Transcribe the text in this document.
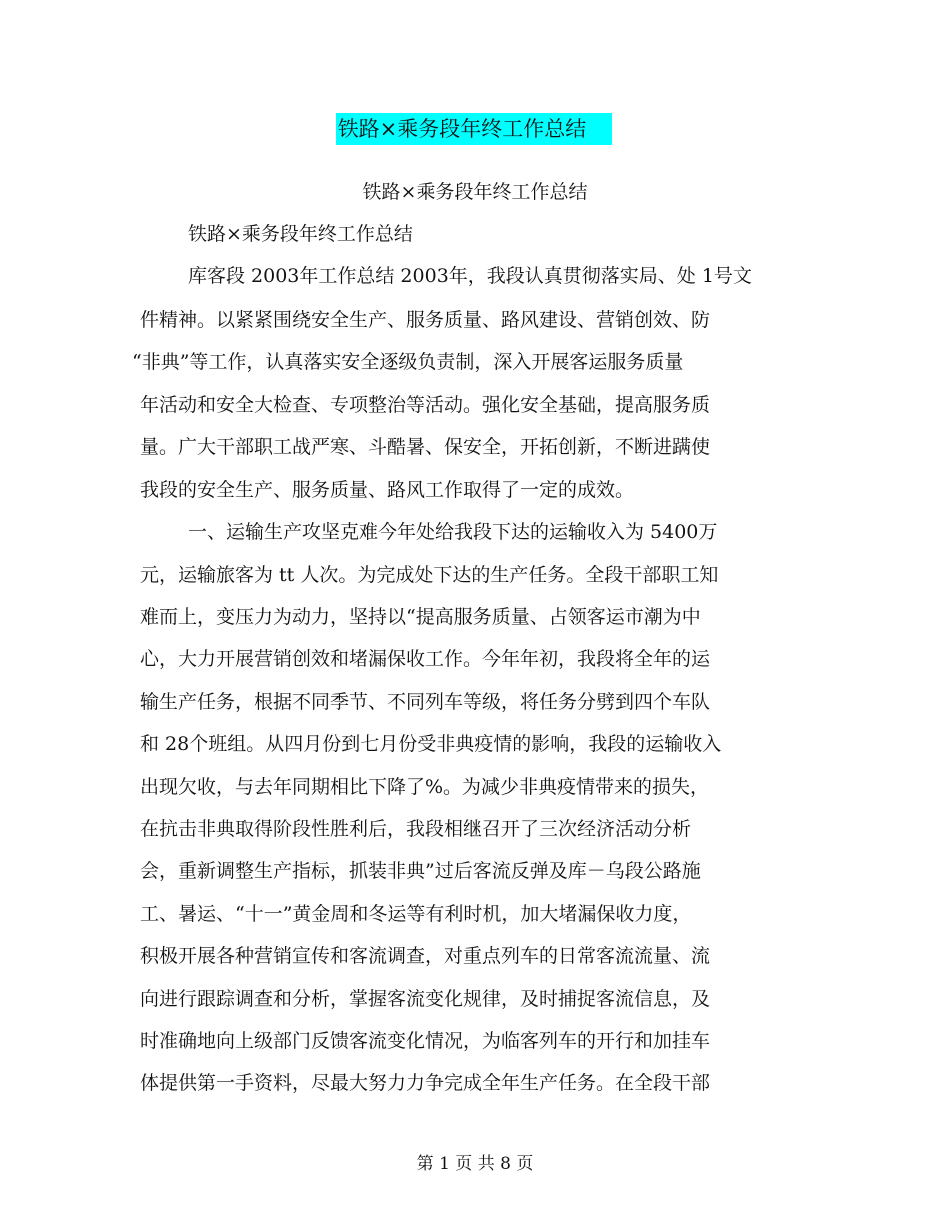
铁路×乘务段年终工作总结
铁路×乘务段年终工作总结
铁路×乘务段年终工作总结
库客段 2003年工作总结 2003年，我段认真贯彻落实局、处 1号文
件精神。以紧紧围绕安全生产、服务质量、路风建设、营销创效、防
“非典”等工作，认真落实安全逐级负责制，深入开展客运服务质量
年活动和安全大检查、专项整治等活动。强化安全基础，提高服务质
量。广大干部职工战严寒、斗酷暑、保安全，开拓创新，不断进蹒使
我段的安全生产、服务质量、路风工作取得了一定的成效。
一、运输生产攻坚克难今年处给我段下达的运输收入为 5400万
元，运输旅客为 tt 人次。为完成处下达的生产任务。全段干部职工知
难而上，变压力为动力，坚持以“提高服务质量、占领客运市潮为中
心，大力开展营销创效和堵漏保收工作。今年年初，我段将全年的运
输生产任务，根据不同季节、不同列车等级，将任务分劈到四个车队
和 28个班组。从四月份到七月份受非典疫情的影响，我段的运输收入
出现欠收，与去年同期相比下降了%。为减少非典疫情带来的损失，
在抗击非典取得阶段性胜利后，我段相继召开了三次经济活动分析
会，重新调整生产指标，抓装非典”过后客流反弹及库－乌段公路施
工、暑运、“十一”黄金周和冬运等有利时机，加大堵漏保收力度，
积极开展各种营销宣传和客流调查，对重点列车的日常客流流量、流
向进行跟踪调查和分析，掌握客流变化规律，及时捕捉客流信息，及
时准确地向上级部门反馈客流变化情况，为临客列车的开行和加挂车
体提供第一手资料，尽最大努力力争完成全年生产任务。在全段干部
第 1 页 共 8 页
